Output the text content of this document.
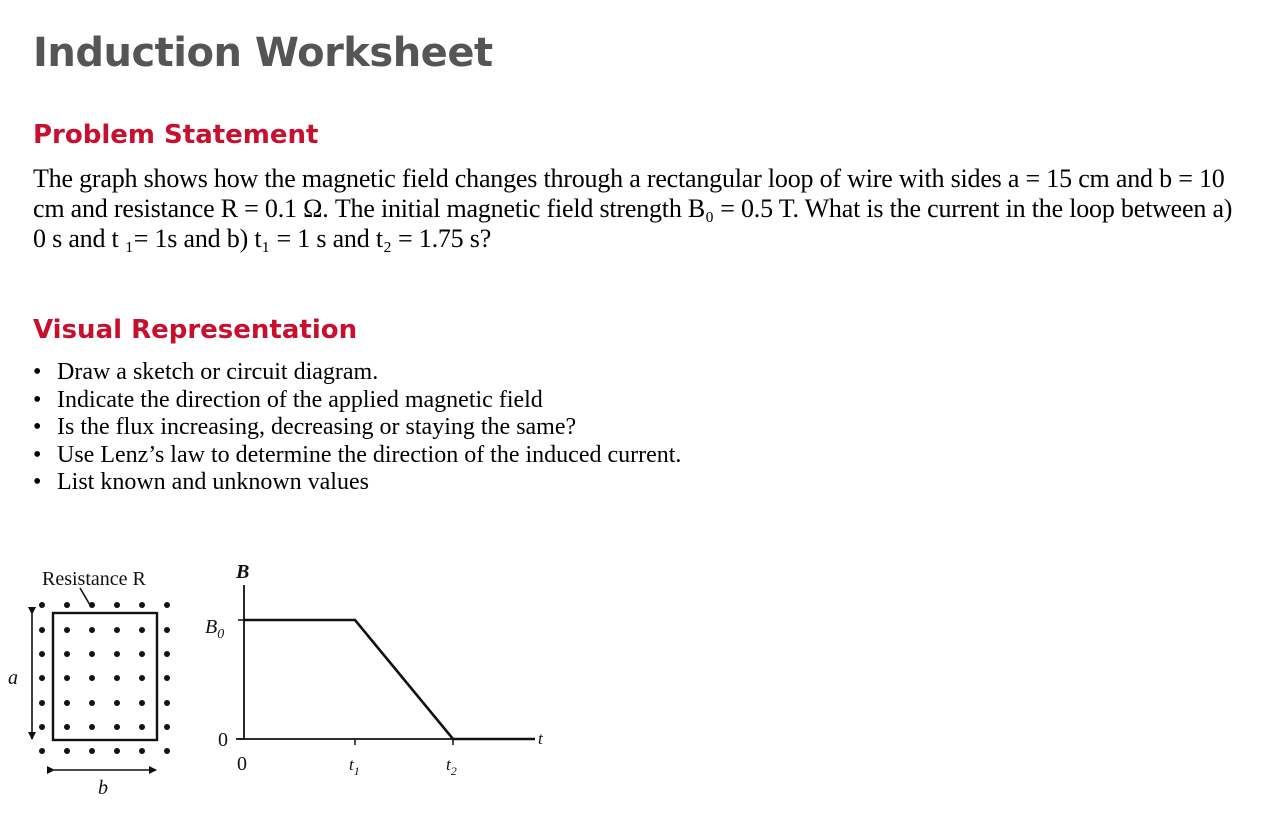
Induction Worksheet
Problem Statement

The graph shows how the magnetic field changes through a rectangular loop of wire with sides a = 15 cm and b = 10 cm and resistance R = 0.1 Ω. The initial magnetic field strength B₀ = 0.5 T. What is the current in the loop between a) 0 s and t ₁= 1s and b) t₁ = 1 s and t₂ = 1.75 s?

Visual Representation
• Draw a sketch or circuit diagram.
• Indicate the direction of the applied magnetic field
• Is the flux increasing, decreasing or staying the same?
• Use Lenz’s law to determine the direction of the induced current.
• List known and unknown values
Resistance R
a
b
B
t
0
$B_0$
0	$t_1$	$t_2$
